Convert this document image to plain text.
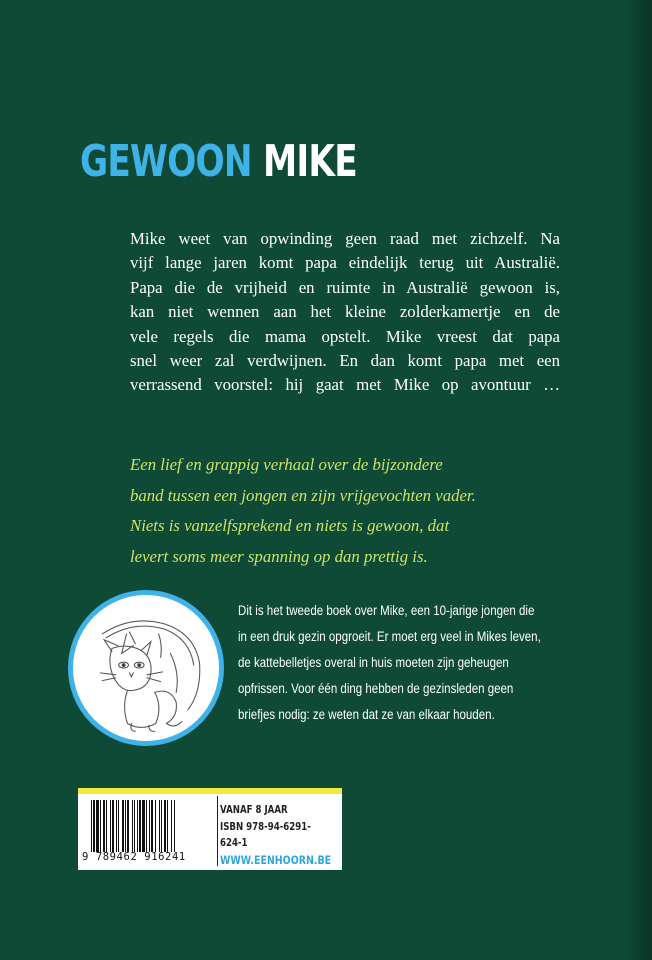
GEWOON MIKE

Mike weet van opwinding geen raad met zichzelf. Na

vijf lange jaren komt papa eindelijk terug uit Australië.

Papa die de vrijheid en ruimte in Australië gewoon is,

kan niet wennen aan het kleine zolderkamertje en de

vele regels die mama opstelt. Mike vreest dat papa

snel weer zal verdwijnen. En dan komt papa met een

verrassend voorstel: hij gaat met Mike op avontuur …

Een lief en grappig verhaal over de bijzondere

band tussen een jongen en zijn vrijgevochten vader.

Niets is vanzelfsprekend en niets is gewoon, dat

levert soms meer spanning op dan prettig is.

Dit is het tweede boek over Mike, een 10-jarige jongen die

in een druk gezin opgroeit. Er moet erg veel in Mikes leven,

de kattebelletjes overal in huis moeten zijn geheugen

opfrissen. Voor één ding hebben de gezinsleden geen

briefjes nodig: ze weten dat ze van elkaar houden.

9 789462 916241
VANAF 8 JAAR
ISBN 978-94-6291-624-1
WWW.EENHOORN.BE
